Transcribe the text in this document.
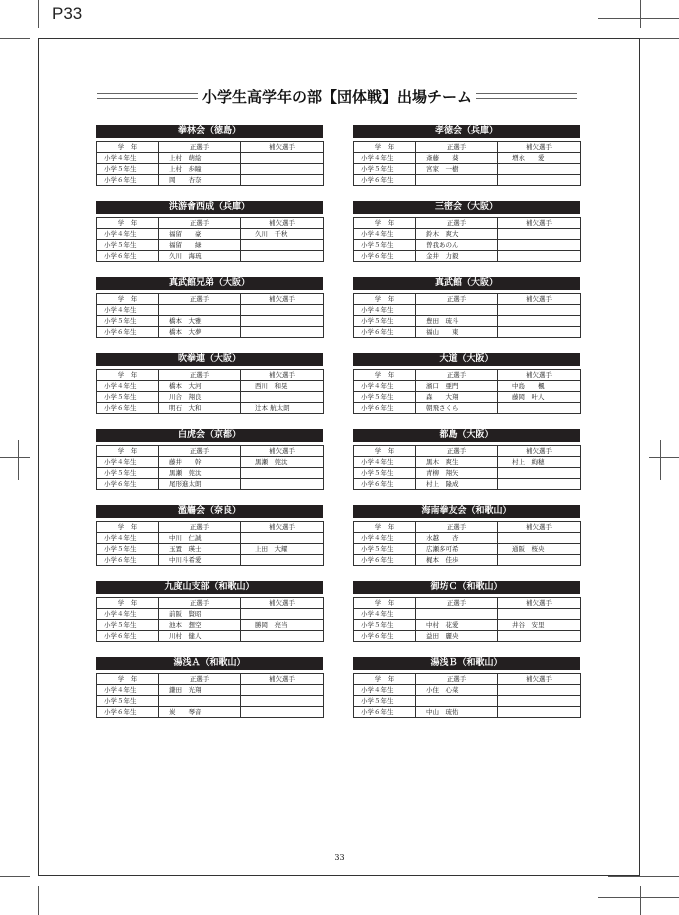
P33
小学生高学年の部【団体戦】出場チーム
拳林会（徳島）
学　年	正選手	補欠選手
小学４年生	上村　萌絵	
小学５年生	上村　歩瞳	
小学６年生	岡　　杏奈	
孝徳会（兵庫）
学　年	正選手	補欠選手
小学４年生	斎藤　　葵	増永　　愛
小学５年生	宮家　一樹	
小学６年生		
洪游會西成（兵庫）
学　年	正選手	補欠選手
小学４年生	福留　　豪	久川　千秋
小学５年生	福留　　緑	
小学６年生	久川　海琉	
三密会（大阪）
学　年	正選手	補欠選手
小学４年生	鈴木　爽大	
小学５年生	曽我あのん	
小学６年生	金井　力毅	
真武館兄弟（大阪）
学　年	正選手	補欠選手
小学４年生		
小学５年生	橋本　大雅	
小学６年生	橋本　大夢	
真武館（大阪）
学　年	正選手	補欠選手
小学４年生		
小学５年生	豊田　琉斗	
小学６年生	福山　　東	
吹拳連（大阪）
学　年	正選手	補欠選手
小学４年生	橋本　大河	西川　和晃
小学５年生	川合　翔良	
小学６年生	明石　大和	辻本 航太朗
大道（大阪）
学　年	正選手	補欠選手
小学４年生	濱口　亜門	中島　　楓
小学５年生	森　　大翔	藤岡　叶人
小学６年生	朝飛さくら	
白虎会（京都）
学　年	正選手	補欠選手
小学４年生	藤井　　幹	黒瀬　莞汰
小学５年生	黒瀬　莞汰	
小学６年生	尾形進太朗	
都島（大阪）
学　年	正選手	補欠選手
小学４年生	黒木　爽生	村上　絢穂
小学５年生	青柳　翔矢	
小学６年生	村上　隆成	
濫觴会（奈良）
学　年	正選手	補欠選手
小学４年生	中川　仁誠	
小学５年生	玉置　瑛士	上田　大耀
小学６年生	中川斗希愛	
海南拳友会（和歌山）
学　年	正選手	補欠選手
小学４年生	水越　　杏	
小学５年生	広瀬多可希	通阪　桜央
小学６年生	梶本　佳歩	
九度山支部（和歌山）
学　年	正選手	補欠選手
小学４年生	前阪　賢昭	
小学５年生	池本　想空	勝岡　亮当
小学６年生	川村　健人	
御坊Ｃ（和歌山）
学　年	正選手	補欠選手
小学４年生		
小学５年生	中村　花愛	井谷　安里
小学６年生	益田　麗央	
湯浅Ａ（和歌山）
学　年	正選手	補欠選手
小学４年生	鎌田　光翔	
小学５年生		
小学６年生	炭　　琴音	
湯浅Ｂ（和歌山）
学　年	正選手	補欠選手
小学４年生	小住　心菜	
小学５年生		
小学６年生	中山　琉佑	
33
